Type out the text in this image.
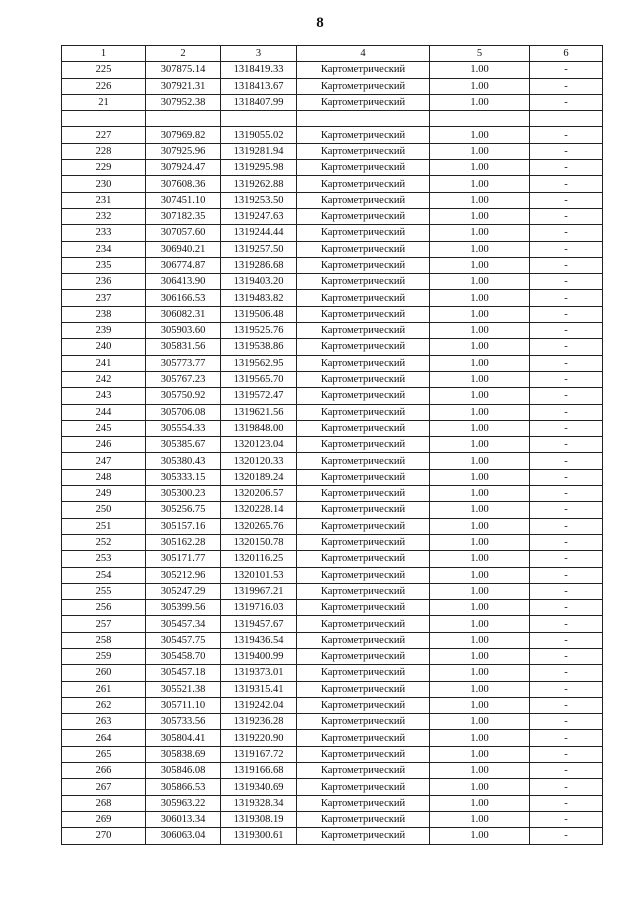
8
1	2	3	4	5	6
225	307875.14	1318419.33	Картометрический	1.00	-
226	307921.31	1318413.67	Картометрический	1.00	-
21	307952.38	1318407.99	Картометрический	1.00	-

227	307969.82	1319055.02	Картометрический	1.00	-
228	307925.96	1319281.94	Картометрический	1.00	-
229	307924.47	1319295.98	Картометрический	1.00	-
230	307608.36	1319262.88	Картометрический	1.00	-
231	307451.10	1319253.50	Картометрический	1.00	-
232	307182.35	1319247.63	Картометрический	1.00	-
233	307057.60	1319244.44	Картометрический	1.00	-
234	306940.21	1319257.50	Картометрический	1.00	-
235	306774.87	1319286.68	Картометрический	1.00	-
236	306413.90	1319403.20	Картометрический	1.00	-
237	306166.53	1319483.82	Картометрический	1.00	-
238	306082.31	1319506.48	Картометрический	1.00	-
239	305903.60	1319525.76	Картометрический	1.00	-
240	305831.56	1319538.86	Картометрический	1.00	-
241	305773.77	1319562.95	Картометрический	1.00	-
242	305767.23	1319565.70	Картометрический	1.00	-
243	305750.92	1319572.47	Картометрический	1.00	-
244	305706.08	1319621.56	Картометрический	1.00	-
245	305554.33	1319848.00	Картометрический	1.00	-
246	305385.67	1320123.04	Картометрический	1.00	-
247	305380.43	1320120.33	Картометрический	1.00	-
248	305333.15	1320189.24	Картометрический	1.00	-
249	305300.23	1320206.57	Картометрический	1.00	-
250	305256.75	1320228.14	Картометрический	1.00	-
251	305157.16	1320265.76	Картометрический	1.00	-
252	305162.28	1320150.78	Картометрический	1.00	-
253	305171.77	1320116.25	Картометрический	1.00	-
254	305212.96	1320101.53	Картометрический	1.00	-
255	305247.29	1319967.21	Картометрический	1.00	-
256	305399.56	1319716.03	Картометрический	1.00	-
257	305457.34	1319457.67	Картометрический	1.00	-
258	305457.75	1319436.54	Картометрический	1.00	-
259	305458.70	1319400.99	Картометрический	1.00	-
260	305457.18	1319373.01	Картометрический	1.00	-
261	305521.38	1319315.41	Картометрический	1.00	-
262	305711.10	1319242.04	Картометрический	1.00	-
263	305733.56	1319236.28	Картометрический	1.00	-
264	305804.41	1319220.90	Картометрический	1.00	-
265	305838.69	1319167.72	Картометрический	1.00	-
266	305846.08	1319166.68	Картометрический	1.00	-
267	305866.53	1319340.69	Картометрический	1.00	-
268	305963.22	1319328.34	Картометрический	1.00	-
269	306013.34	1319308.19	Картометрический	1.00	-
270	306063.04	1319300.61	Картометрический	1.00	-
